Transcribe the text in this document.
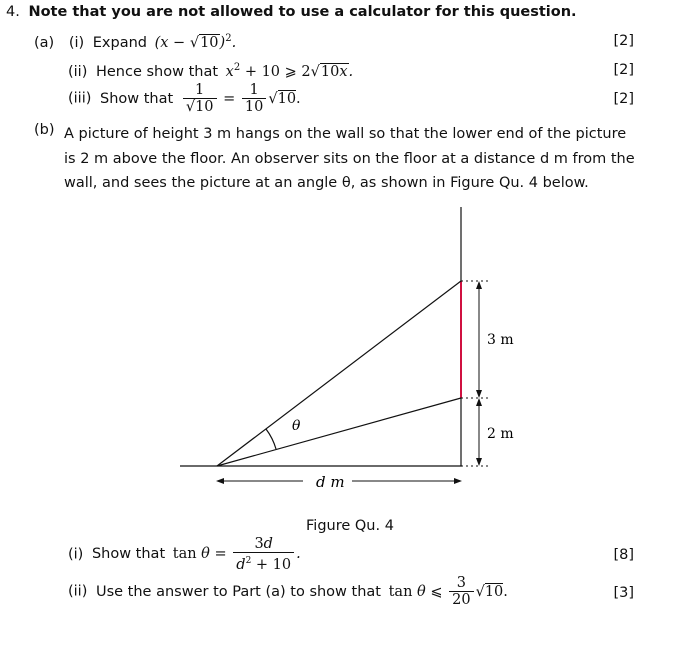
4. Note that you are not allowed to use a calculator for this question.
(a) (i) Expand $(x - √10)^2$.	[2]
(ii) Hence show that $x^2 + 10$ ⩾ 2√10x.	[2]
(iii) Show that $\frac{1}{√10} = \frac{1}{10} √10$.	[2]
(b) A picture of height 3 m hangs on the wall so that the lower end of the picture is 2 m above the floor. An observer sits on the floor at a distance d m from the wall, and sees the picture at an angle θ, as shown in Figure Qu. 4 below.
3 m
2 m
d m
θ
Figure Qu. 4
(i) Show that $\tan \theta = \frac{3d}{d^2 + 10}$ .	[8]
(ii) Use the answer to Part (a) to show that tan θ ⩽ $\frac{3}{20} √10$.	[3]
